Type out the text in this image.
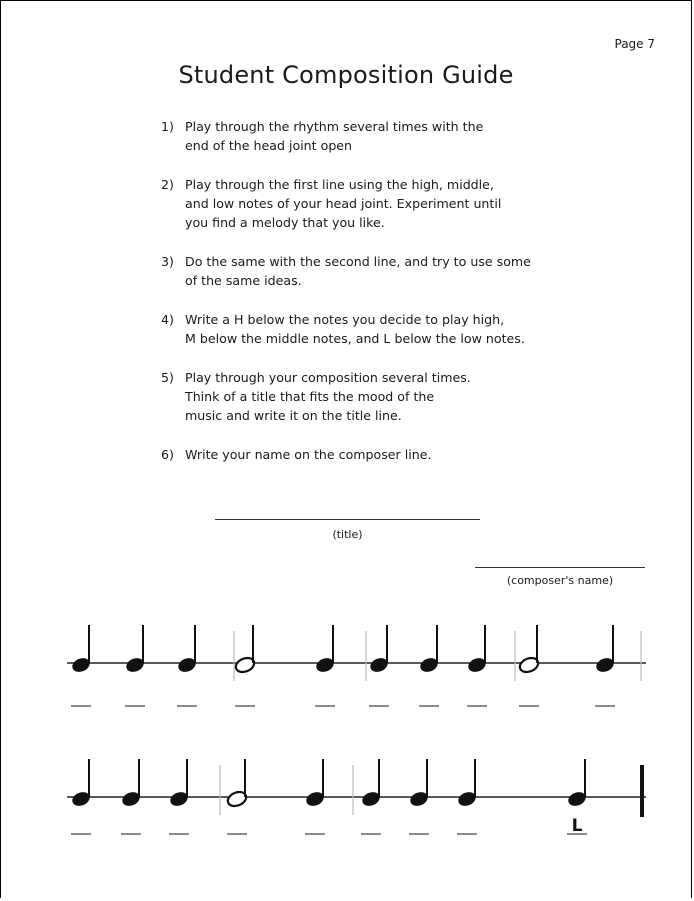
Page 7
Student Composition Guide
1) Play through the rhythm several times with the
end of the head joint open
2) Play through the first line using the high, middle,
and low notes of your head joint. Experiment until
you find a melody that you like.
3) Do the same with the second line, and try to use some
of the same ideas.
4) Write a H below the notes you decide to play high,
M below the middle notes, and L below the low notes.
5) Play through your composition several times.
Think of a title that fits the mood of the
music and write it on the title line.
6) Write your name on the composer line.
(title)
(composer's name)
L
